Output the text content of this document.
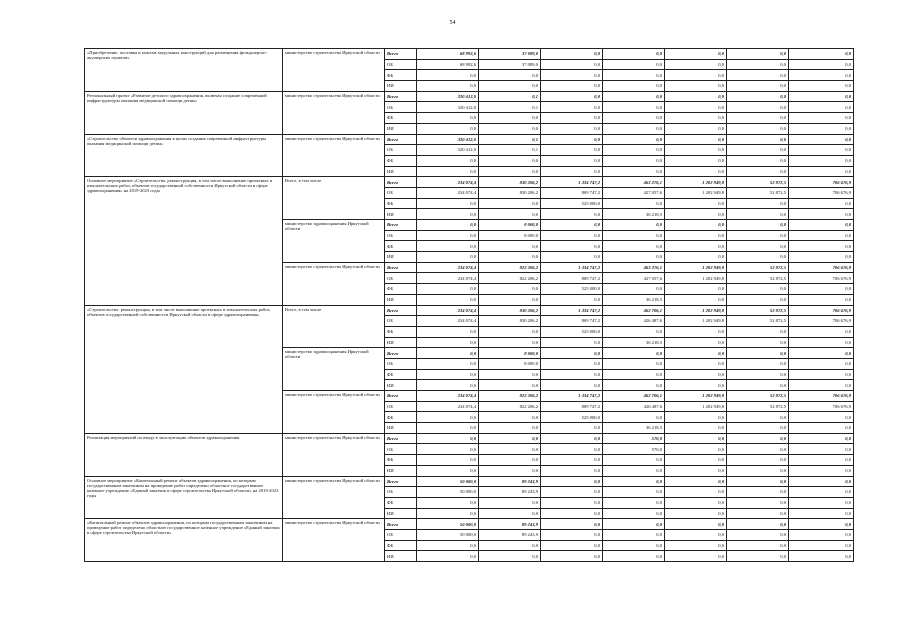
54
«Приобретение, поставка и монтаж модульных конструкций для размещения фельдшерско-акушерских пунктов»	министерство строительства Иркутской области	Всего	68 992,6	37 089,0	0,0	0,0	0,0	0,0	0,0
		ОБ	68 992,6	37 089,0	0,0	0,0	0,0	0,0	0,0
		ФБ	0,0	0,0	0,0	0,0	0,0	0,0	0,0
		ИИ	0,0	0,0	0,0	0,0	0,0	0,0	0,0
Региональный проект «Развитие детского здравоохранения, включая создание современной инфраструктуры оказания медицинской помощи детям»	министерство строительства Иркутской области	Всего	320 412,0	0,1	0,0	0,0	0,0	0,0	0,0
		ОБ	320 412,0	0,1	0,0	0,0	0,0	0,0	0,0
		ФБ	0,0	0,0	0,0	0,0	0,0	0,0	0,0
		ИИ	0,0	0,0	0,0	0,0	0,0	0,0	0,0
«Строительство объектов здравоохранения в целях создания современной инфраструктуры оказания медицинской помощи детям»	министерство строительства Иркутской области	Всего	320 412,0	0,1	0,0	0,0	0,0	0,0	0,0
		ОБ	320 412,0	0,1	0,0	0,0	0,0	0,0	0,0
		ФБ	0,0	0,0	0,0	0,0	0,0	0,0	0,0
		ИИ	0,0	0,0	0,0	0,0	0,0	0,0	0,0
Основное мероприятие «Строительство, реконструкция, в том числе выполнение проектных и изыскательских работ, объектов государственной собственности Иркутской области в сфере здравоохранения» на 2019-2023 годы	Всего, в том числе	Всего	234 074,4	830 206,2	1 334 747,2	463 276,1	1 202 949,8	52 872,5	706 676,9
		ОБ	234 074,4	830 206,2	809 747,2	427 057,6	1 202 949,8	52 872,5	706 676,9
		ФБ	0,0	0,0	525 000,0	0,0	0,0	0,0	0,0
		ИИ	0,0	0,0	0,0	36 218,5	0,0	0,0	0,0
	министерство здравоохранения Иркутской области	Всего	0,0	8 000,0	0,0	0,0	0,0	0,0	0,0
		ОБ	0,0	8 000,0	0,0	0,0	0,0	0,0	0,0
		ФБ	0,0	0,0	0,0	0,0	0,0	0,0	0,0
		ИИ	0,0	0,0	0,0	0,0	0,0	0,0	0,0
	министерство строительства Иркутской области	Всего	234 074,4	822 206,2	1 334 747,2	463 276,1	1 202 949,8	52 872,5	706 676,9
		ОБ	234 074,4	822 206,2	809 747,2	427 057,6	1 202 949,8	52 872,5	706 676,9
		ФБ	0,0	0,0	525 000,0	0,0	0,0	0,0	0,0
		ИИ	0,0	0,0	0,0	36 218,5	0,0	0,0	0,0
«Строительство, реконструкция, в том числе выполнение проектных и изыскательских работ, объектов государственной собственности Иркутской области в сфере здравоохранения»	Всего, в том числе	Всего	234 074,4	830 206,2	1 334 747,2	462 706,1	1 202 949,8	52 872,5	706 676,9
		ОБ	234 074,4	830 206,2	809 747,2	426 487,6	1 202 949,8	52 872,5	706 676,9
		ФБ	0,0	0,0	525 000,0	0,0	0,0	0,0	0,0
		ИИ	0,0	0,0	0,0	36 218,5	0,0	0,0	0,0
	министерство здравоохранения Иркутской области	Всего	0,0	8 000,0	0,0	0,0	0,0	0,0	0,0
		ОБ	0,0	8 000,0	0,0	0,0	0,0	0,0	0,0
		ФБ	0,0	0,0	0,0	0,0	0,0	0,0	0,0
		ИИ	0,0	0,0	0,0	0,0	0,0	0,0	0,0
	министерство строительства Иркутской области	Всего	234 074,4	822 206,2	1 334 747,2	462 706,1	1 202 949,8	52 872,5	706 676,9
		ОБ	234 074,4	822 206,2	809 747,2	426 487,6	1 202 949,8	52 872,5	706 676,9
		ФБ	0,0	0,0	525 000,0	0,0	0,0	0,0	0,0
		ИИ	0,0	0,0	0,0	36 218,5	0,0	0,0	0,0
Реализация мероприятий по вводу в эксплуатацию объектов здравоохранения	министерство строительства Иркутской области	Всего	0,0	0,0	0,0	570,0	0,0	0,0	0,0
		ОБ	0,0	0,0	0,0	570,0	0,0	0,0	0,0
		ФБ	0,0	0,0	0,0	0,0	0,0	0,0	0,0
		ИИ	0,0	0,0	0,0	0,0	0,0	0,0	0,0
Основное мероприятие «Капитальный ремонт объектов здравоохранения, по которым государственным заказчиком на проведение работ определено областное государственное казенное учреждение «Единый заказчик в сфере строительства Иркутской области» на 2019-2023 годы	министерство строительства Иркутской области	Всего	50 000,0	89 243,9	0,0	0,0	0,0	0,0	0,0
		ОБ	50 000,0	89 243,9	0,0	0,0	0,0	0,0	0,0
		ФБ	0,0	0,0	0,0	0,0	0,0	0,0	0,0
		ИИ	0,0	0,0	0,0	0,0	0,0	0,0	0,0
«Капитальный ремонт объектов здравоохранения, по которым государственным заказчиком на проведение работ определено областное государственное казенное учреждение «Единый заказчик в сфере строительства Иркутской области»	министерство строительства Иркутской области	Всего	50 000,0	89 243,9	0,0	0,0	0,0	0,0	0,0
		ОБ	50 000,0	89 243,9	0,0	0,0	0,0	0,0	0,0
		ФБ	0,0	0,0	0,0	0,0	0,0	0,0	0,0
		ИИ	0,0	0,0	0,0	0,0	0,0	0,0	0,0
